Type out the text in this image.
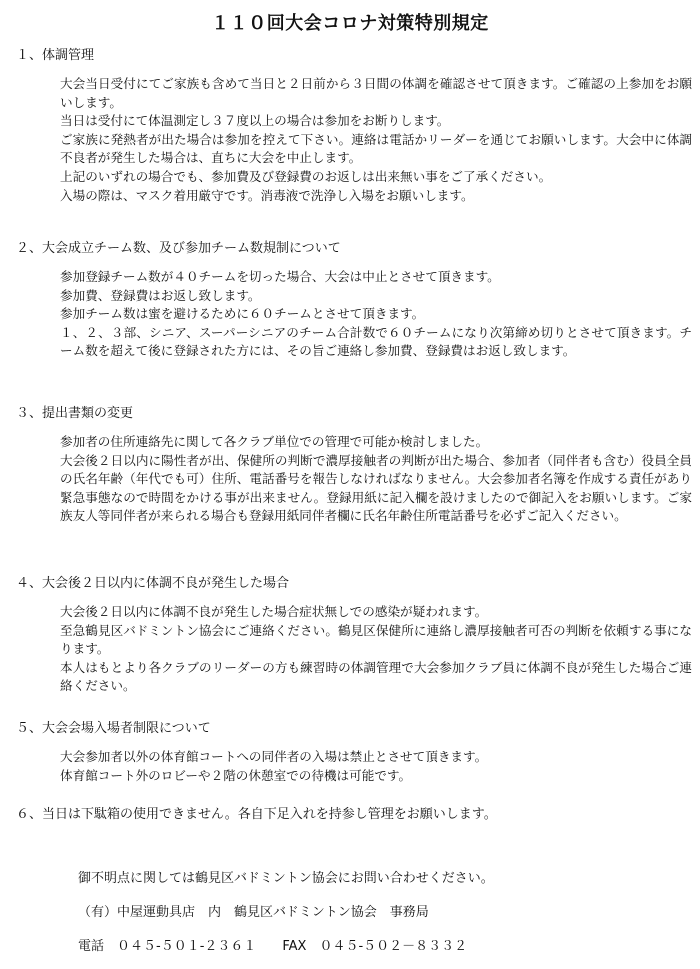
１１０回大会コロナ対策特別規定
１、体調管理

大会当日受付にてご家族も含めて当日と２日前から３日間の体調を確認させて頂きます。ご確認の上参加をお願いします。

当日は受付にて体温測定し３７度以上の場合は参加をお断りします。

ご家族に発熱者が出た場合は参加を控えて下さい。連絡は電話かリーダーを通じてお願いします。大会中に体調不良者が発生した場合は、直ちに大会を中止します。

上記のいずれの場合でも、参加費及び登録費のお返しは出来無い事をご了承ください。

入場の際は、マスク着用厳守です。消毒液で洗浄し入場をお願いします。

２、大会成立チーム数、及び参加チーム数規制について

参加登録チーム数が４０チームを切った場合、大会は中止とさせて頂きます。

参加費、登録費はお返し致します。

参加チーム数は蜜を避けるために６０チームとさせて頂きます。

１、２、３部、シニア、スーパーシニアのチーム合計数で６０チームになり次第締め切りとさせて頂きます。チーム数を超えて後に登録された方には、その旨ご連絡し参加費、登録費はお返し致します。

３、提出書類の変更

参加者の住所連絡先に関して各クラブ単位での管理で可能か検討しました。

大会後２日以内に陽性者が出、保健所の判断で濃厚接触者の判断が出た場合、参加者（同伴者も含む）役員全員の氏名年齢（年代でも可）住所、電話番号を報告しなければなりません。大会参加者名簿を作成する責任があり緊急事態なので時間をかける事が出来ません。登録用紙に記入欄を設けましたので御記入をお願いします。ご家族友人等同伴者が来られる場合も登録用紙同伴者欄に氏名年齢住所電話番号を必ずご記入ください。

４、大会後２日以内に体調不良が発生した場合

大会後２日以内に体調不良が発生した場合症状無しでの感染が疑われます。

至急鶴見区バドミントン協会にご連絡ください。鶴見区保健所に連絡し濃厚接触者可否の判断を依頼する事になります。

本人はもとより各クラブのリーダーの方も練習時の体調管理で大会参加クラブ員に体調不良が発生した場合ご連絡ください。

５、大会会場入場者制限について

大会参加者以外の体育館コートへの同伴者の入場は禁止とさせて頂きます。

体育館コート外のロビーや２階の休憩室での待機は可能です。

６、当日は下駄箱の使用できません。各自下足入れを持参し管理をお願いします。
御不明点に関しては鶴見区バドミントン協会にお問い合わせください。
（有）中屋運動具店　内　鶴見区バドミントン協会　事務局
電話　０４５-５０１-２３６１　　FAX　０４５-５０２－８３３２
